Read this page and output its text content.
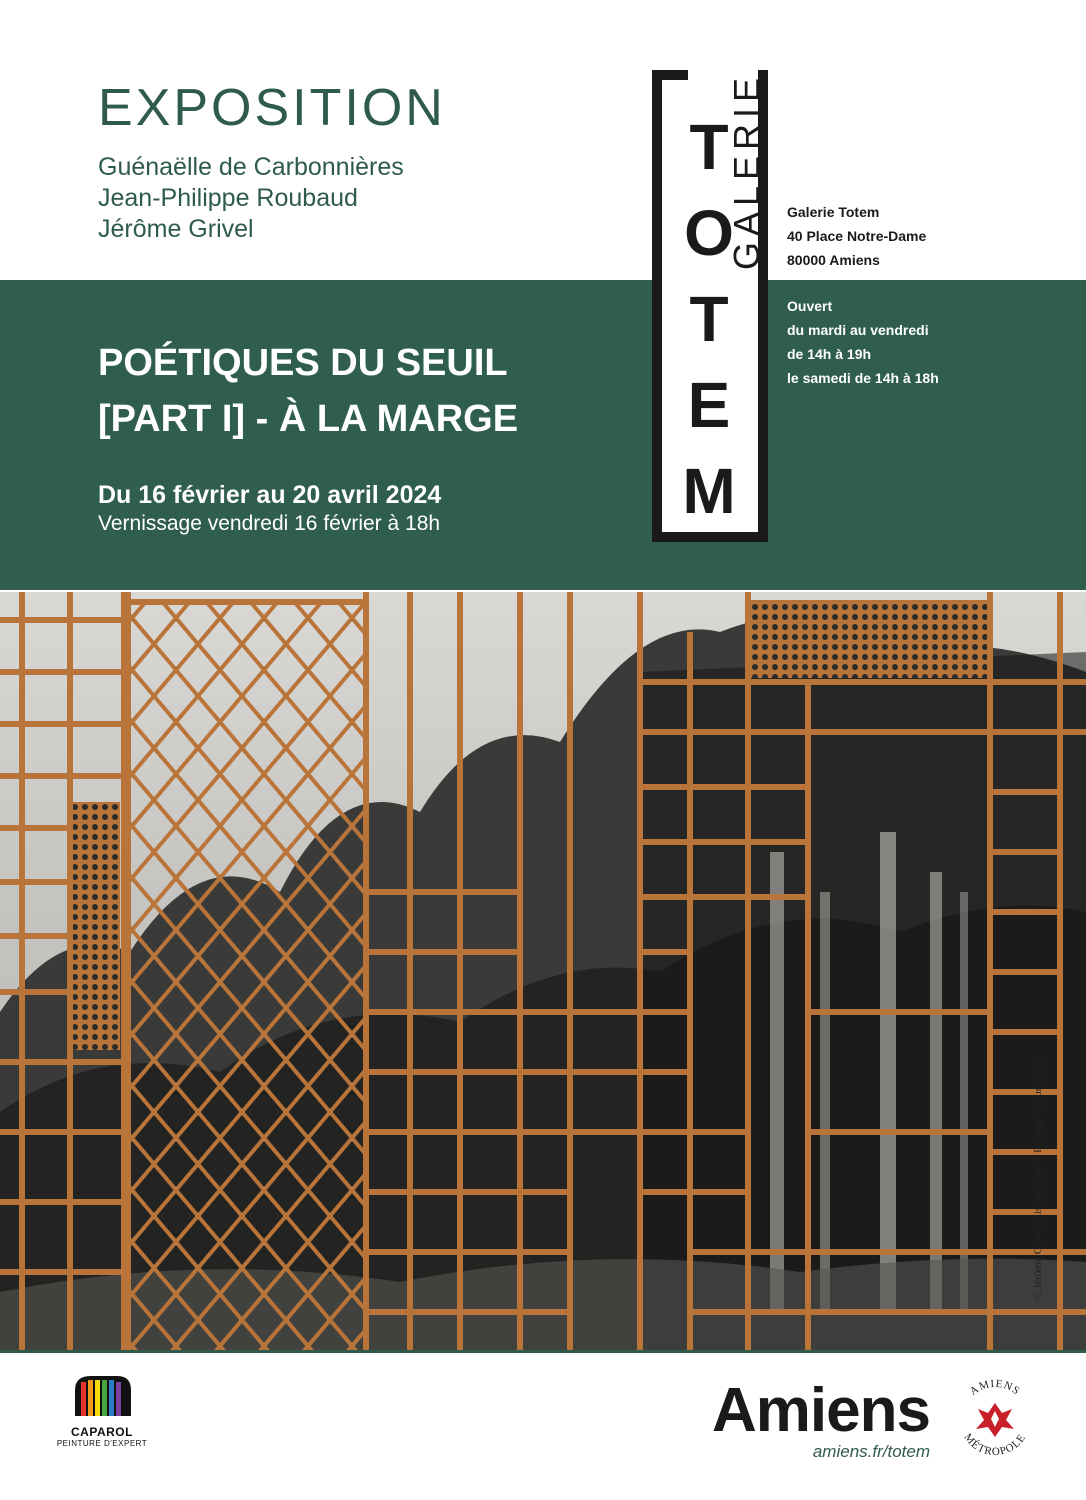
EXPOSITION
Guénaëlle de Carbonnières
Jean-Philippe Roubaud
Jérôme Grivel
POÉTIQUES DU SEUIL
[PART I] - À LA MARGE
Du 16 février au 20 avril 2024
Vernissage vendredi 16 février à 18h
T
O
T
E
M
GALERIE	Galerie Totem
40 Place Notre-Dame
80000 Amiens
Ouvert
du mardi au vendredi
de 14h à 19h
le samedi de 14h à 18h
© Jérôme Grivel, Lisière 2, série Paysage-clôture, 2023
CAPAROL
PEINTURE D'EXPERT	Amiens
amiens.fr/totem
AMIENS
MÉTROPOLE
